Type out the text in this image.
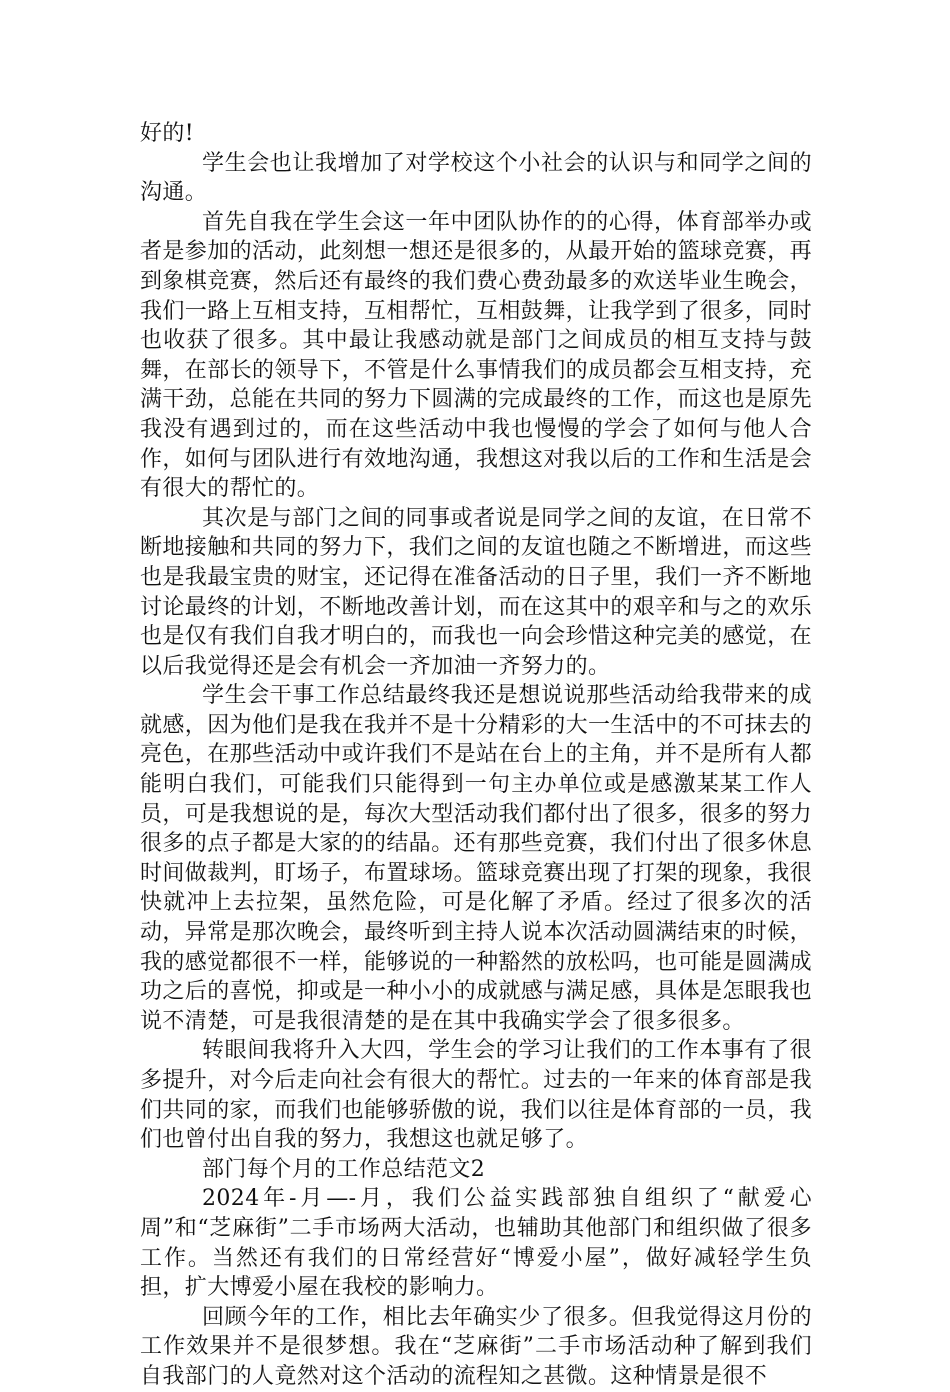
好的!

学生会也让我增加了对学校这个小社会的认识与和同学之间的沟通。

首先自我在学生会这一年中团队协作的的心得，体育部举办或者是参加的活动，此刻想一想还是很多的，从最开始的篮球竞赛，再到象棋竞赛，然后还有最终的我们费心费劲最多的欢送毕业生晚会，我们一路上互相支持，互相帮忙，互相鼓舞，让我学到了很多，同时也收获了很多。其中最让我感动就是部门之间成员的相互支持与鼓舞，在部长的领导下，不管是什么事情我们的成员都会互相支持，充满干劲，总能在共同的努力下圆满的完成最终的工作，而这也是原先我没有遇到过的，而在这些活动中我也慢慢的学会了如何与他人合作，如何与团队进行有效地沟通，我想这对我以后的工作和生活是会有很大的帮忙的。

其次是与部门之间的同事或者说是同学之间的友谊，在日常不断地接触和共同的努力下，我们之间的友谊也随之不断增进，而这些也是我最宝贵的财宝，还记得在准备活动的日子里，我们一齐不断地讨论最终的计划，不断地改善计划，而在这其中的艰辛和与之的欢乐也是仅有我们自我才明白的，而我也一向会珍惜这种完美的感觉，在以后我觉得还是会有机会一齐加油一齐努力的。

学生会干事工作总结最终我还是想说说那些活动给我带来的成就感，因为他们是我在我并不是十分精彩的大一生活中的不可抹去的亮色，在那些活动中或许我们不是站在台上的主角，并不是所有人都能明白我们，可能我们只能得到一句主办单位或是感激某某工作人员，可是我想说的是，每次大型活动我们都付出了很多，很多的努力很多的点子都是大家的的结晶。还有那些竞赛，我们付出了很多休息时间做裁判，盯场子，布置球场。篮球竞赛出现了打架的现象，我很快就冲上去拉架，虽然危险，可是化解了矛盾。经过了很多次的活动，异常是那次晚会，最终听到主持人说本次活动圆满结束的时候，我的感觉都很不一样，能够说的一种豁然的放松吗，也可能是圆满成功之后的喜悦，抑或是一种小小的成就感与满足感，具体是怎眼我也说不清楚，可是我很清楚的是在其中我确实学会了很多很多。

转眼间我将升入大四，学生会的学习让我们的工作本事有了很多提升，对今后走向社会有很大的帮忙。过去的一年来的体育部是我们共同的家，而我们也能够骄傲的说，我们以往是体育部的一员，我们也曾付出自我的努力，我想这也就足够了。

部门每个月的工作总结范文2

2024年-月—-月，我们公益实践部独自组织了“献爱心周”和“芝麻街”二手市场两大活动，也辅助其他部门和组织做了很多工作。当然还有我们的日常经营好“博爱小屋”，做好减轻学生负担，扩大博爱小屋在我校的影响力。

回顾今年的工作，相比去年确实少了很多。但我觉得这月份的工作效果并不是很梦想。我在“芝麻街”二手市场活动种了解到我们自我部门的人竟然对这个活动的流程知之甚微。这种情景是很不
